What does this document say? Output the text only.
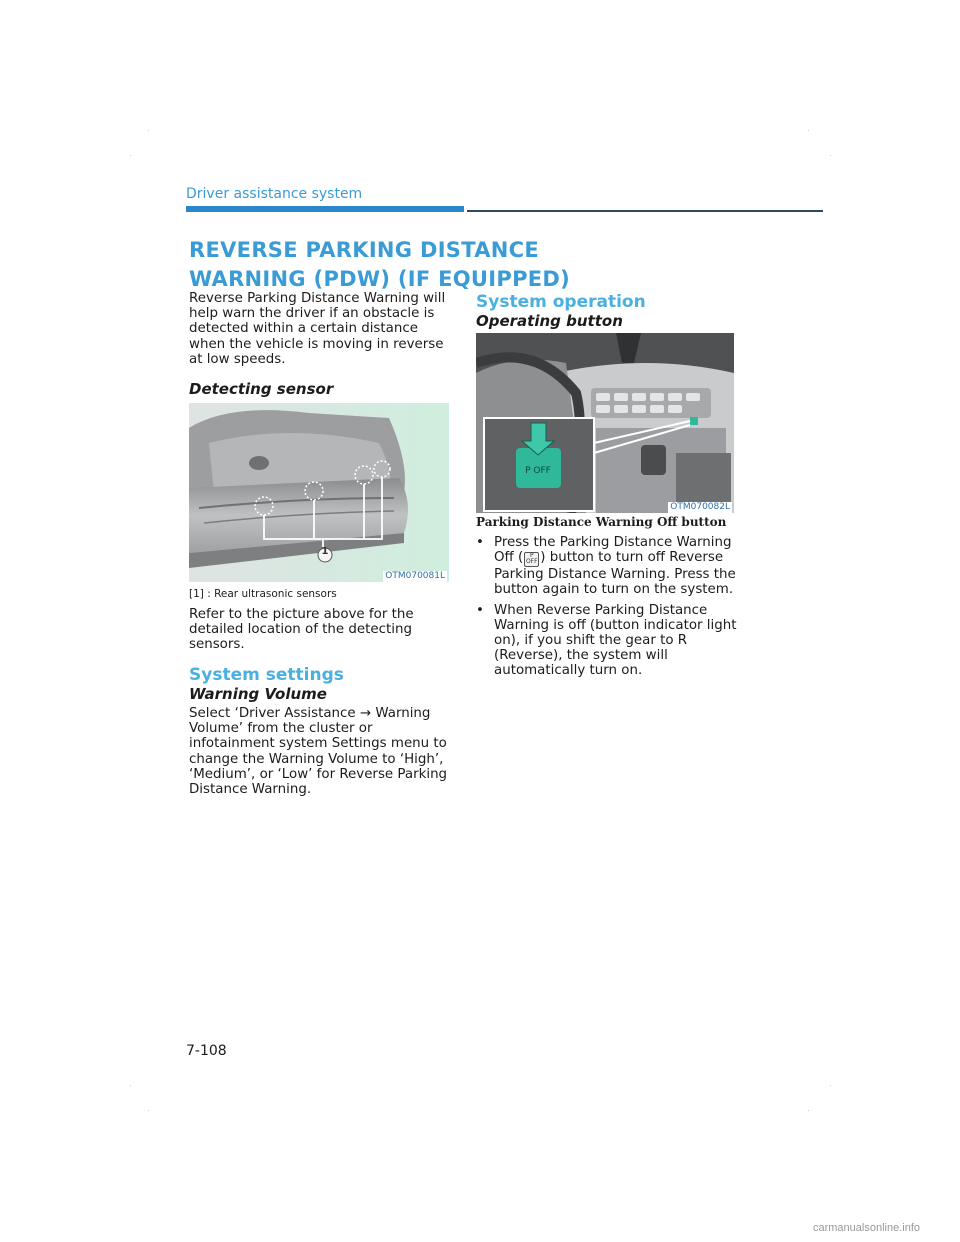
Driver assistance system
REVERSE PARKING DISTANCE WARNING (PDW) (IF EQUIPPED)

Reverse Parking Distance Warning will help warn the driver if an obstacle is detected within a certain distance when the vehicle is moving in reverse at low speeds.

Detecting sensor
1
OTM070081L

[1] : Rear ultrasonic sensors

Refer to the picture above for the detailed location of the detecting sensors.

System settings
Warning Volume

Select ‘Driver Assistance → Warning Volume’ from the cluster or infotainment system Settings menu to change the Warning Volume to ‘High’, ‘Medium’, or ‘Low’ for Reverse Parking Distance Warning.

System operation
Operating button
P OFF
OTM070082L

Parking Distance Warning Off button

• Press the Parking Distance Warning Off ( P OFF ) button to turn off Reverse Parking Distance Warning. Press the button again to turn on the system.
• When Reverse Parking Distance Warning is off (button indicator light on), if you shift the gear to R (Reverse), the system will automatically turn on.
7-108
carmanualsonline.info
